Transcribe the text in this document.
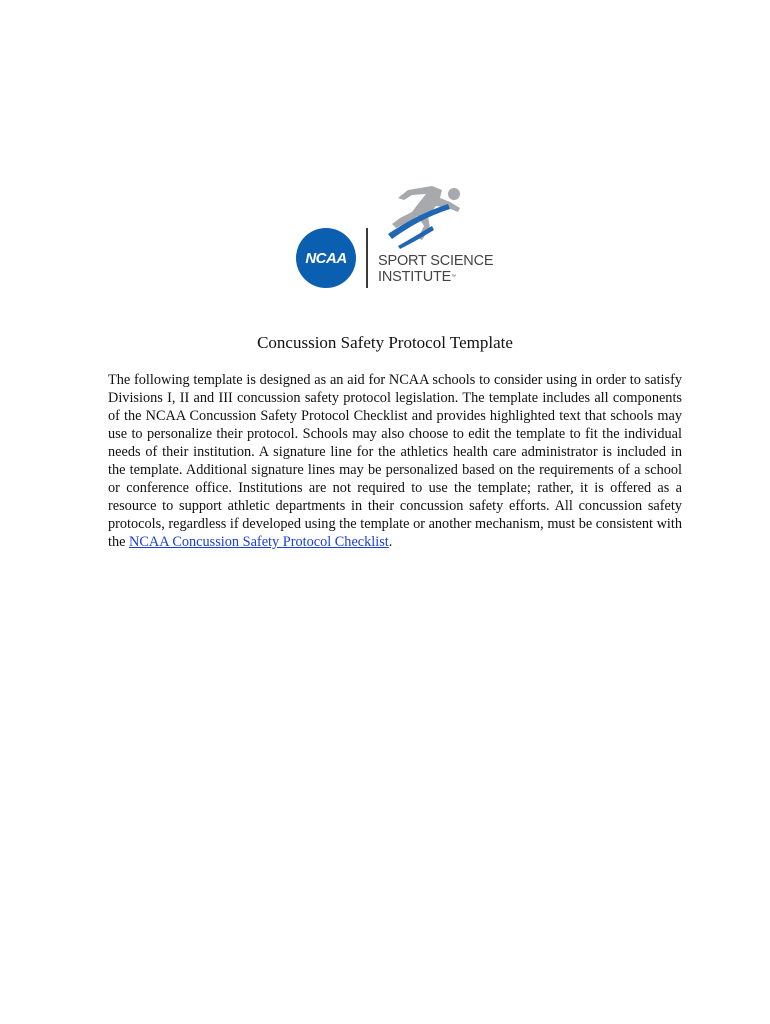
NCAA SPORT SCIENCE
INSTITUTE™
Concussion Safety Protocol Template

The following template is designed as an aid for NCAA schools to consider using in order to satisfy Divisions I, II and III concussion safety protocol legislation. The template includes all components of the NCAA Concussion Safety Protocol Checklist and provides highlighted text that schools may use to personalize their protocol. Schools may also choose to edit the template to fit the individual needs of their institution. A signature line for the athletics health care administrator is included in the template. Additional signature lines may be personalized based on the requirements of a school or conference office. Institutions are not required to use the template; rather, it is offered as a resource to support athletic departments in their concussion safety efforts. All concussion safety protocols, regardless if developed using the template or another mechanism, must be consistent with the NCAA Concussion Safety Protocol Checklist.
